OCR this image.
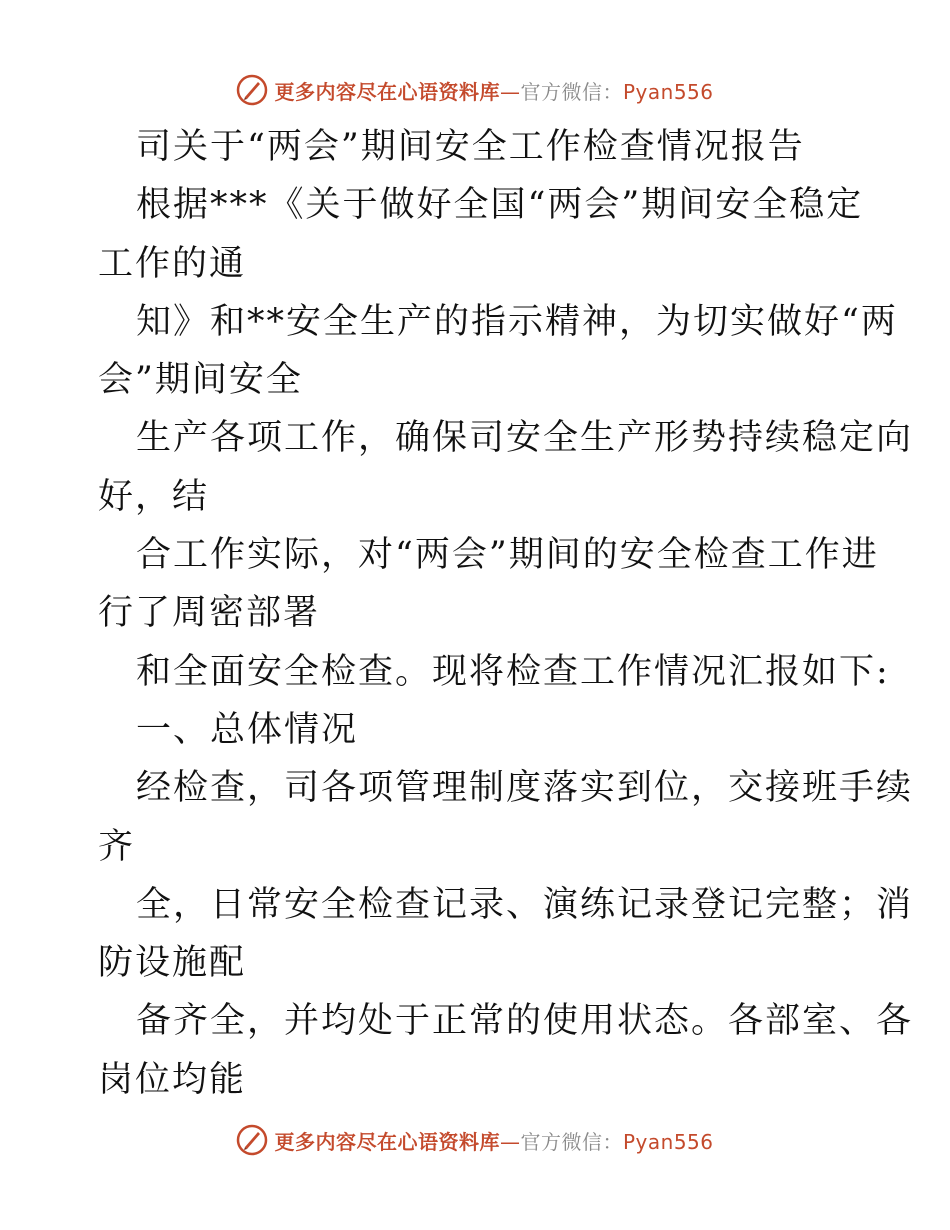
更多内容尽在心语资料库—官方微信：Pyan556
司关于“两会”期间安全工作检查情况报告
根据***《关于做好全国“两会”期间安全稳定
工作的通
知》和**安全生产的指示精神，为切实做好“两
会”期间安全
生产各项工作，确保司安全生产形势持续稳定向
好，结
合工作实际，对“两会”期间的安全检查工作进
行了周密部署
和全面安全检查。现将检查工作情况汇报如下:
一、总体情况
经检查，司各项管理制度落实到位，交接班手续
齐
全，日常安全检查记录、演练记录登记完整；消
防设施配
备齐全，并均处于正常的使用状态。各部室、各
岗位均能
更多内容尽在心语资料库—官方微信：Pyan556
